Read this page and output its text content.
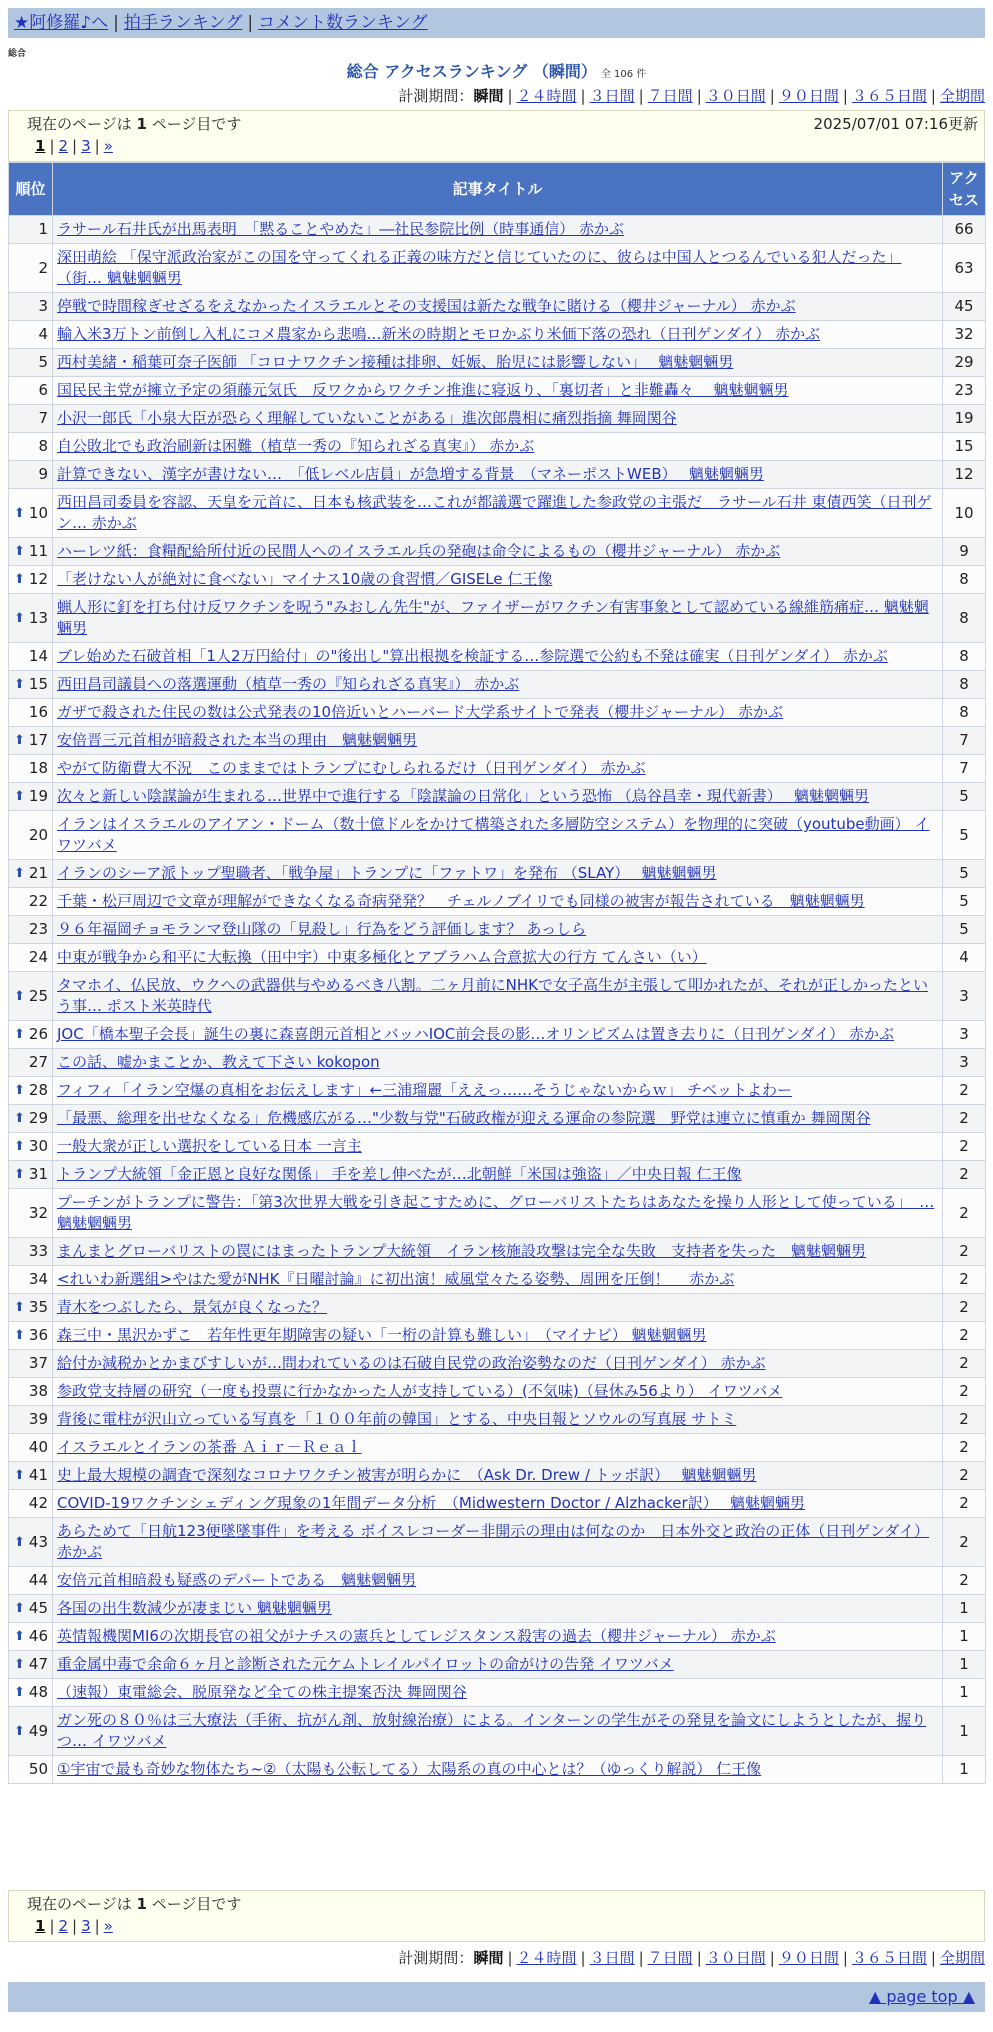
★阿修羅♪へ | 拍手ランキング | コメント数ランキング
総合
総合 アクセスランキング （瞬間） 全 106 件
計測期間：瞬間 | ２４時間 | ３日間 | ７日間 | ３０日間 | ９０日間 | ３６５日間 | 全期間
現在のページは 1 ページ目です	2025/07/01 07:16更新
1 | 2 | 3 | »
順位	記事タイトル	アクセス
1	ラサール石井氏が出馬表明　「黙ることやめた」―社民参院比例（時事通信） 赤かぶ	66
2	深田萌絵 「保守派政治家がこの国を守ってくれる正義の味方だと信じていたのに、彼らは中国人とつるんでいる犯人だった」（街… 魑魅魍魎男	63
3	停戦で時間稼ぎせざるをえなかったイスラエルとその支援国は新たな戦争に賭ける（櫻井ジャーナル） 赤かぶ	45
4	輸入米3万トン前倒し入札にコメ農家から悲鳴…新米の時期とモロかぶり米価下落の恐れ（日刊ゲンダイ） 赤かぶ	32
5	西村美緒・稲葉可奈子医師 「コロナワクチン接種は排卵、妊娠、胎児には影響しない」　 魑魅魍魎男	29
6	国民民主党が擁立予定の須藤元気氏　反ワクからワクチン推進に寝返り、「裏切者」と非難轟々　 魑魅魍魎男	23
7	小沢一郎氏「小泉大臣が恐らく理解していないことがある」進次郎農相に痛烈指摘 舞岡関谷	19
8	自公敗北でも政治刷新は困難（植草一秀の『知られざる真実』） 赤かぶ	15
9	計算できない、漢字が書けない…　「低レベル店員」が急増する背景　（マネーポストWEB）　 魑魅魍魎男	12

⬆ 10	西田昌司委員を容認、天皇を元首に、日本も核武装を…これが都議選で躍進した参政党の主張だ　ラサール石井 東債西笑（日刊ゲン… 赤かぶ	10

⬆ 11	ハーレツ紙：食糧配給所付近の民間人へのイスラエル兵の発砲は命令によるもの（櫻井ジャーナル） 赤かぶ	9

⬆ 12	「老けない人が絶対に食べない」マイナス10歳の食習慣／GISELe 仁王像	8

⬆ 13	蝋人形に釘を打ち付け反ワクチンを呪う"みおしん先生"が、ファイザーがワクチン有害事象として認めている線維筋痛症… 魑魅魍魎男	8
14	ブレ始めた石破首相「1人2万円給付」の"後出し"算出根拠を検証する…参院選で公約も不発は確実（日刊ゲンダイ） 赤かぶ	8

⬆ 15	西田昌司議員への落選運動（植草一秀の『知られざる真実』） 赤かぶ	8
16	ガザで殺された住民の数は公式発表の10倍近いとハーバード大学系サイトで発表（櫻井ジャーナル） 赤かぶ	8

⬆ 17	安倍晋三元首相が暗殺された本当の理由　魑魅魍魎男	7
18	やがて防衛費大不況　このままではトランプにむしられるだけ（日刊ゲンダイ） 赤かぶ	7

⬆ 19	次々と新しい陰謀論が生まれる…世界中で進行する「陰謀論の日常化」という恐怖 （烏谷昌幸・現代新書）　 魑魅魍魎男	5
20	イランはイスラエルのアイアン・ドーム（数十億ドルをかけて構築された多層防空システム）を物理的に突破（youtube動画） イワツバメ	5

⬆ 21	イランのシーア派トップ聖職者、「戦争屋」トランプに「ファトワ」を発布 （SLAY）　 魑魅魍魎男	5
22	千葉・松戸周辺で文章が理解ができなくなる奇病発発？　チェルノブイリでも同様の被害が報告されている　魑魅魍魎男	5
23	９６年福岡チョモランマ登山隊の「見殺し」行為をどう評価します？ あっしら	5
24	中東が戦争から和平に大転換（田中宇）中東多極化とアブラハム合意拡大の行方 てんさい（い）	4

⬆ 25	タマホイ、仏民放、ウクへの武器供与やめるべき八割。二ヶ月前にNHKで女子高生が主張して叩かれたが、それが正しかったという事… ポスト米英時代	3

⬆ 26	JOC「橋本聖子会長」誕生の裏に森喜朗元首相とバッハIOC前会長の影…オリンピズムは置き去りに（日刊ゲンダイ） 赤かぶ	3
27	この話、嘘かまことか、教えて下さい kokopon	3

⬆ 28	フィフィ「イラン空爆の真相をお伝えします」←三浦瑠麗「ええっ……そうじゃないからｗ」 チベットよわー	2

⬆ 29	「最悪、総理を出せなくなる」危機感広がる…"少数与党"石破政権が迎える運命の参院選　野党は連立に慎重か 舞岡関谷	2

⬆ 30	一般大衆が正しい選択をしている日本 一言主	2

⬆ 31	トランプ大統領「金正恩と良好な関係」 手を差し伸べたが…北朝鮮「米国は強盗」／中央日報 仁王像	2
32	プーチンがトランプに警告：「第3次世界大戦を引き起こすために、グローバリストたちはあなたを操り人形として使っている」　… 魑魅魍魎男	2
33	まんまとグローバリストの罠にはまったトランプ大統領　イラン核施設攻撃は完全な失敗　支持者を失った　魑魅魍魎男	2
34	<れいわ新選組>やはた愛がNHK『日曜討論』に初出演！威風堂々たる姿勢、周囲を圧倒！　 赤かぶ	2

⬆ 35	青木をつぶしたら、景気が良くなった？	2

⬆ 36	森三中・黒沢かずこ　若年性更年期障害の疑い「一桁の計算も難しい」　（マイナビ） 魑魅魍魎男	2
37	給付か減税かとかまびすしいが…問われているのは石破自民党の政治姿勢なのだ（日刊ゲンダイ） 赤かぶ	2
38	参政党支持層の研究（一度も投票に行かなかった人が支持している）(不気味)（昼休み56より） イワツバメ	2
39	背後に電柱が沢山立っている写真を「１００年前の韓国」とする、中央日報とソウルの写真展 サトミ	2
40	イスラエルとイランの茶番 Ａｉｒ－Ｒｅａｌ	2

⬆ 41	史上最大規模の調査で深刻なコロナワクチン被害が明らかに　（Ask Dr. Drew / トッポ訳）　 魑魅魍魎男	2
42	COVID-19ワクチンシェディング現象の1年間データ分析　（Midwestern Doctor / Alzhacker訳）　 魑魅魍魎男	2

⬆ 43	あらためて「日航123便墜墜事件」を考える ボイスレコーダー非開示の理由は何なのか　日本外交と政治の正体（日刊ゲンダイ） 赤かぶ	2
44	安倍元首相暗殺も疑惑のデパートである　魑魅魍魎男	2

⬆ 45	各国の出生数減少が凄まじい 魑魅魍魎男	1

⬆ 46	英情報機関MI6の次期長官の祖父がナチスの憲兵としてレジスタンス殺害の過去（櫻井ジャーナル） 赤かぶ	1

⬆ 47	重金属中毒で余命６ヶ月と診断された元ケムトレイルパイロットの命がけの告発 イワツバメ	1

⬆ 48	（速報）東電総会、脱原発など全ての株主提案否決 舞岡関谷	1

⬆ 49	ガン死の８０％は三大療法（手術、抗がん剤、放射線治療）による。インターンの学生がその発見を論文にしようとしたが、握りつ… イワツバメ	1
50	①宇宙で最も奇妙な物体たち~②（太陽も公転してる）太陽系の真の中心とは？（ゆっくり解説） 仁王像	1
計測期間：瞬間 | ２４時間 | ３日間 | ７日間 | ３０日間 | ９０日間 | ３６５日間 | 全期間
現在のページは 1 ページ目です
1 | 2 | 3 | »
▲ page top ▲
